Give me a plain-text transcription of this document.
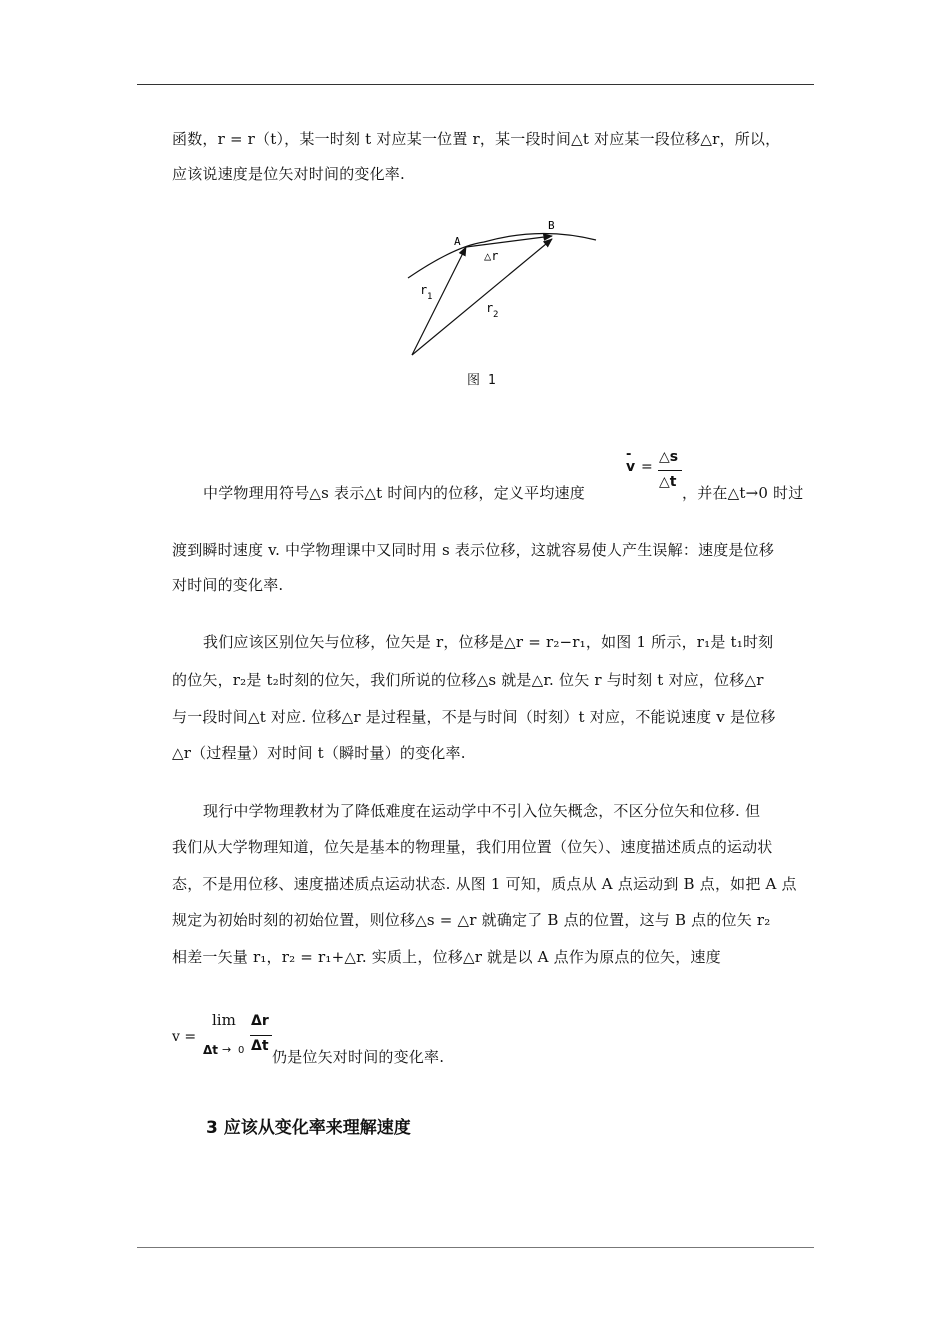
函数，r = r（t），某一时刻 t 对应某一位置 r，某一段时间△t 对应某一段位移△r，所以，
应该说速度是位矢对时间的变化率.
A
B
△r
r 1
r 2
图 1
中学物理用符号△s 表示△t 时间内的位移，定义平均速度
-
v =
△s
△t
，并在△t→0 时过
渡到瞬时速度 v. 中学物理课中又同时用 s 表示位移，这就容易使人产生误解：速度是位移
对时间的变化率.
我们应该区别位矢与位移，位矢是 r，位移是△r = r₂−r₁，如图 1 所示，r₁是 t₁时刻
的位矢，r₂是 t₂时刻的位矢，我们所说的位移△s 就是△r. 位矢 r 与时刻 t 对应，位移△r
与一段时间△t 对应. 位移△r 是过程量，不是与时间（时刻）t 对应，不能说速度 v 是位移
△r（过程量）对时间 t（瞬时量）的变化率.
现行中学物理教材为了降低难度在运动学中不引入位矢概念，不区分位矢和位移. 但
我们从大学物理知道，位矢是基本的物理量，我们用位置（位矢）、速度描述质点的运动状
态，不是用位移、速度描述质点运动状态. 从图 1 可知，质点从 A 点运动到 B 点，如把 A 点
规定为初始时刻的初始位置，则位移△s = △r 就确定了 B 点的位置，这与 B 点的位矢 r₂
相差一矢量 r₁，r₂ = r₁+△r. 实质上，位移△r 就是以 A 点作为原点的位矢，速度
v =
lim
Δt → 0
Δr
Δt
仍是位矢对时间的变化率.
3 应该从变化率来理解速度
